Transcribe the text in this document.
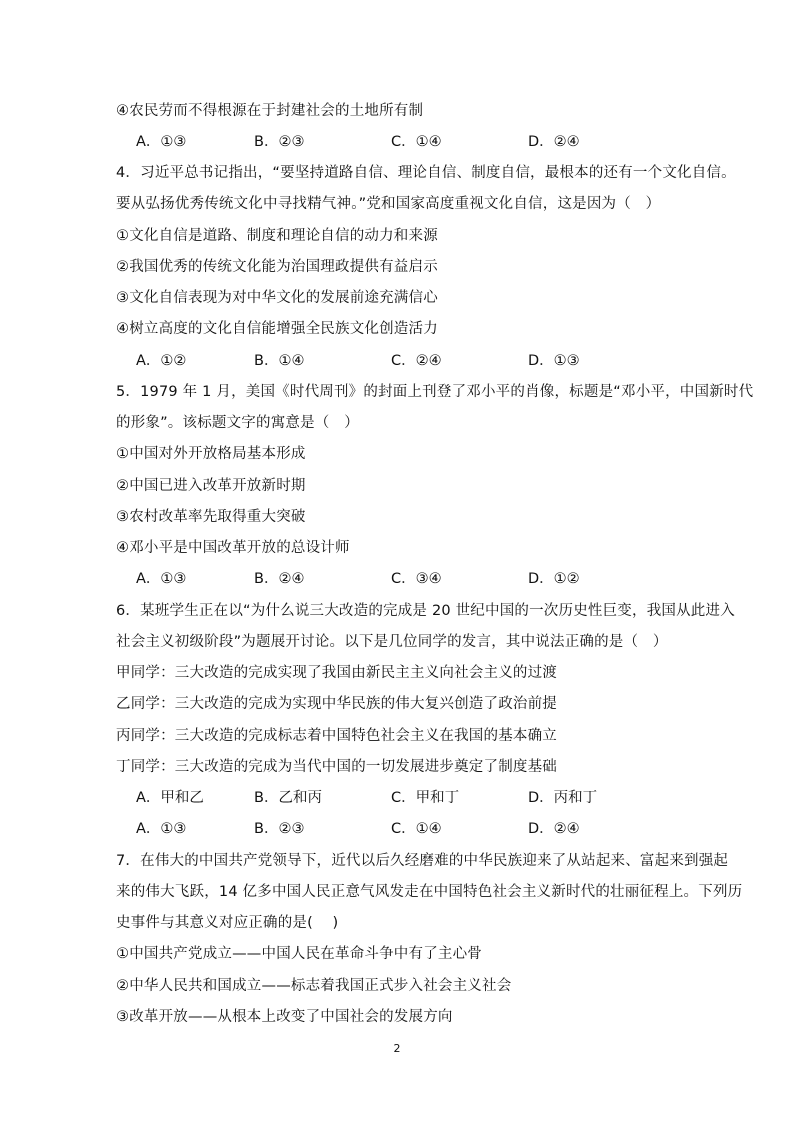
④农民劳而不得根源在于封建社会的土地所有制
A．①③	B．②③	C．①④	D．②④
4．习近平总书记指出，“要坚持道路自信、理论自信、制度自信，最根本的还有一个文化自信。
要从弘扬优秀传统文化中寻找精气神。”党和国家高度重视文化自信，这是因为（　）
①文化自信是道路、制度和理论自信的动力和来源
②我国优秀的传统文化能为治国理政提供有益启示
③文化自信表现为对中华文化的发展前途充满信心
④树立高度的文化自信能增强全民族文化创造活力
A．①②	B．①④	C．②④	D．①③
5．1979 年 1 月，美国《时代周刊》的封面上刊登了邓小平的肖像，标题是“邓小平，中国新时代
的形象”。该标题文字的寓意是（　）
①中国对外开放格局基本形成
②中国已进入改革开放新时期
③农村改革率先取得重大突破
④邓小平是中国改革开放的总设计师
A．①③	B．②④	C．③④	D．①②
6．某班学生正在以“为什么说三大改造的完成是 20 世纪中国的一次历史性巨变，我国从此进入
社会主义初级阶段”为题展开讨论。以下是几位同学的发言，其中说法正确的是（　）
甲同学：三大改造的完成实现了我国由新民主主义向社会主义的过渡
乙同学：三大改造的完成为实现中华民族的伟大复兴创造了政治前提
丙同学：三大改造的完成标志着中国特色社会主义在我国的基本确立
丁同学：三大改造的完成为当代中国的一切发展进步奠定了制度基础
A．甲和乙	B．乙和丙	C．甲和丁	D．丙和丁
A．①③	B．②③	C．①④	D．②④
7．在伟大的中国共产党领导下，近代以后久经磨难的中华民族迎来了从站起来、富起来到强起
来的伟大飞跃，14 亿多中国人民正意气风发走在中国特色社会主义新时代的壮丽征程上。下列历
史事件与其意义对应正确的是(　 )
①中国共产党成立——中国人民在革命斗争中有了主心骨
②中华人民共和国成立——标志着我国正式步入社会主义社会
③改革开放——从根本上改变了中国社会的发展方向
2
